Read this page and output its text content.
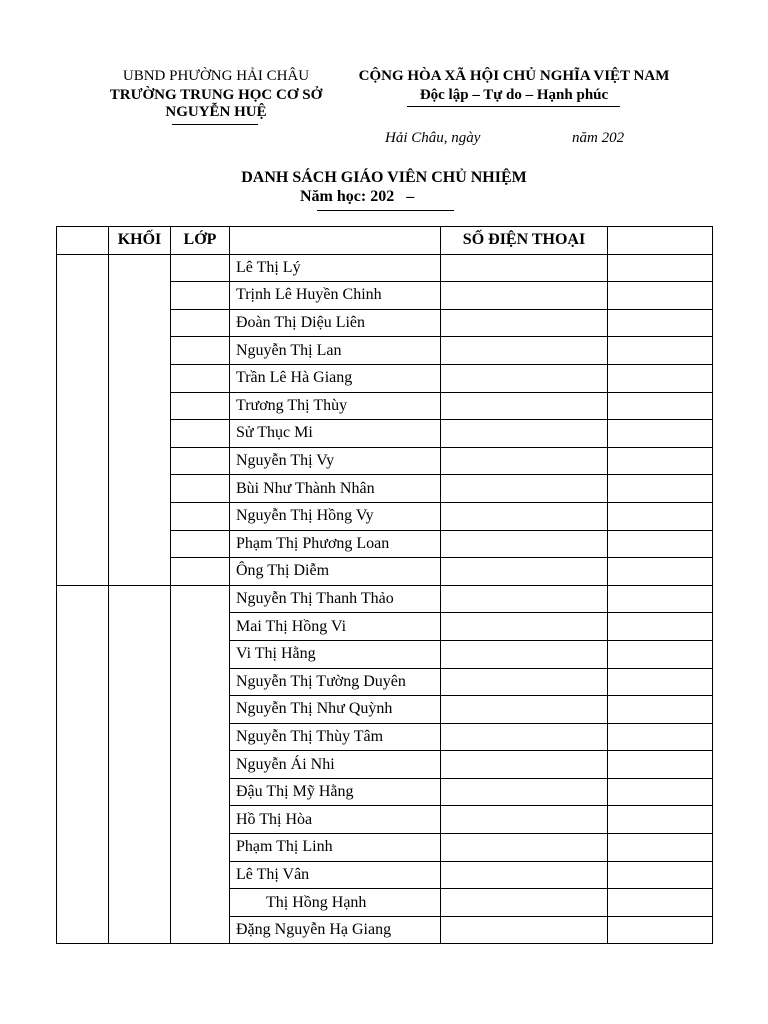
UBND PHƯỜNG HẢI CHÂU
TRƯỜNG TRUNG HỌC CƠ SỞ
NGUYỄN HUỆ
CỘNG HÒA XÃ HỘI CHỦ NGHĨA VIỆT NAM
Độc lập – Tự do – Hạnh phúc
Hải Châu, ngày	năm 202
DANH SÁCH GIÁO VIÊN CHỦ NHIỆM
Năm học: 202   –
	KHỐI	LỚP		SỐ ĐIỆN THOẠI	
			Lê Thị Lý		
			Trịnh Lê Huyền Chinh		
			Đoàn Thị Diệu Liên		
			Nguyễn Thị Lan		
			Trần Lê Hà Giang		
			Trương Thị Thùy		
			Sử Thục Mi		
			Nguyễn Thị Vy		
			Bùi Như Thành Nhân		
			Nguyễn Thị Hồng Vy		
			Phạm Thị Phương Loan		
			Ông Thị Diễm		
			Nguyễn Thị Thanh Thảo		
			Mai Thị Hồng Vi		
			Vi Thị Hằng		
			Nguyễn Thị Tường Duyên		
			Nguyễn Thị Như Quỳnh		
			Nguyễn Thị Thùy Tâm		
			Nguyễn Ái Nhi		
			Đậu Thị Mỹ Hằng		
			Hồ Thị Hòa		
			Phạm Thị Linh		
			Lê Thị Vân		
			Thị Hồng Hạnh		
			Đặng Nguyễn Hạ Giang		
